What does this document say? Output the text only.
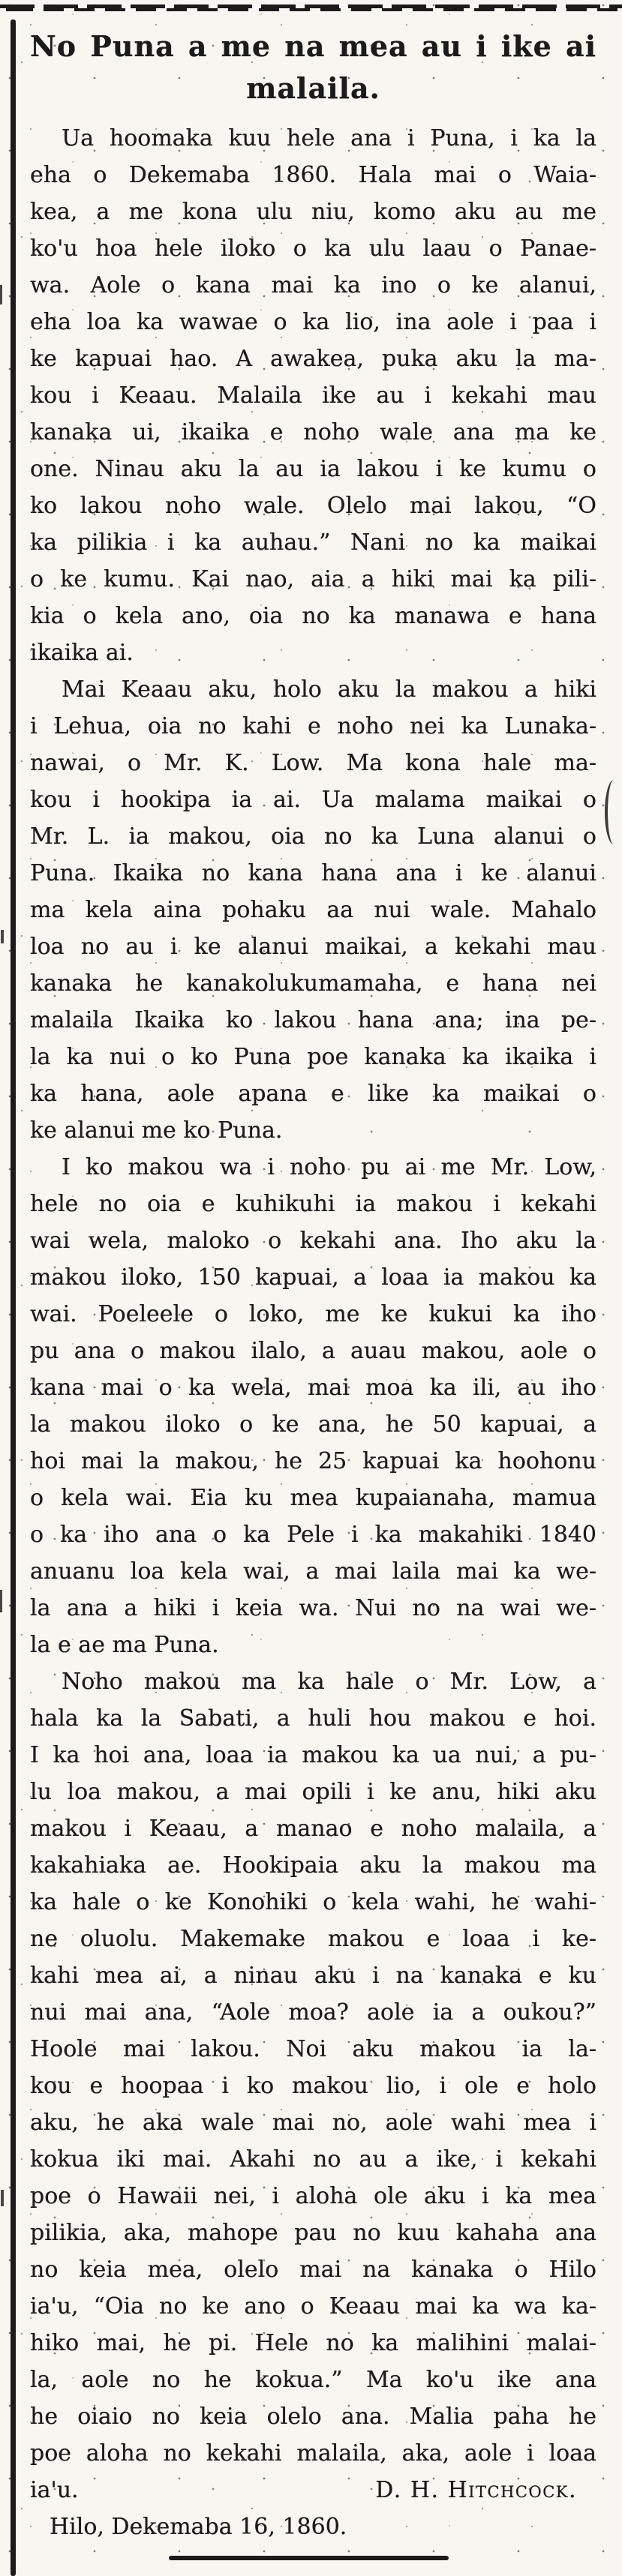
No Puna a me na mea au i ike ai
malaila.
Ua hoomaka kuu hele ana i Puna, i ka la
eha o Dekemaba 1860. Hala mai o Waia-
kea, a me kona ulu niu, komo aku au me
ko'u hoa hele iloko o ka ulu laau o Panae-
wa. Aole o kana mai ka ino o ke alanui,
eha loa ka wawae o ka lio, ina aole i paa i
ke kapuai hao. A awakea, puka aku la ma-
kou i Keaau. Malaila ike au i kekahi mau
kanaka ui, ikaika e noho wale ana ma ke
one. Ninau aku la au ia lakou i ke kumu o
ko lakou noho wale. Olelo mai lakou, “O
ka pilikia i ka auhau.” Nani no ka maikai
o ke kumu. Kai nao, aia a hiki mai ka pili-
kia o kela ano, oia no ka manawa e hana
ikaika ai.
Mai Keaau aku, holo aku la makou a hiki
i Lehua, oia no kahi e noho nei ka Lunaka-
nawai, o Mr. K. Low. Ma kona hale ma-
kou i hookipa ia ai. Ua malama maikai o
Mr. L. ia makou, oia no ka Luna alanui o
Puna. Ikaika no kana hana ana i ke alanui
ma kela aina pohaku aa nui wale. Mahalo
loa no au i ke alanui maikai, a kekahi mau
kanaka he kanakolukumamaha, e hana nei
malaila Ikaika ko lakou hana ana; ina pe-
la ka nui o ko Puna poe kanaka ka ikaika i
ka hana, aole apana e like ka maikai o
ke alanui me ko Puna.
I ko makou wa i noho pu ai me Mr. Low,
hele no oia e kuhikuhi ia makou i kekahi
wai wela, maloko o kekahi ana. Iho aku la
makou iloko, 150 kapuai, a loaa ia makou ka
wai. Poeleele o loko, me ke kukui ka iho
pu ana o makou ilalo, a auau makou, aole o
kana mai o ka wela, mai moa ka ili, au iho
la makou iloko o ke ana, he 50 kapuai, a
hoi mai la makou, he 25 kapuai ka hoohonu
o kela wai. Eia ku mea kupaianaha, mamua
o ka iho ana o ka Pele i ka makahiki 1840
anuanu loa kela wai, a mai laila mai ka we-
la ana a hiki i keia wa. Nui no na wai we-
la e ae ma Puna.
Noho makou ma ka hale o Mr. Low, a
hala ka la Sabati, a huli hou makou e hoi.
I ka hoi ana, loaa ia makou ka ua nui, a pu-
lu loa makou, a mai opili i ke anu, hiki aku
makou i Keaau, a manao e noho malaila, a
kakahiaka ae. Hookipaia aku la makou ma
ka hale o ke Konohiki o kela wahi, he wahi-
ne oluolu. Makemake makou e loaa i ke-
kahi mea ai, a ninau aku i na kanaka e ku
nui mai ana, “Aole moa? aole ia a oukou?”
Hoole mai lakou. Noi aku makou ia la-
kou e hoopaa i ko makou lio, i ole e holo
aku, he aka wale mai no, aole wahi mea i
kokua iki mai. Akahi no au a ike, i kekahi
poe o Hawaii nei, i aloha ole aku i ka mea
pilikia, aka, mahope pau no kuu kahaha ana
no keia mea, olelo mai na kanaka o Hilo
ia'u, “Oia no ke ano o Keaau mai ka wa ka-
hiko mai, he pi. Hele no ka malihini malai-
la, aole no he kokua.” Ma ko'u ike ana
he oiaio no keia olelo ana. Malia paha he
poe aloha no kekahi malaila, aka, aole i loaa
ia'u.	D. H. Hitchcock.
Hilo, Dekemaba 16, 1860.
